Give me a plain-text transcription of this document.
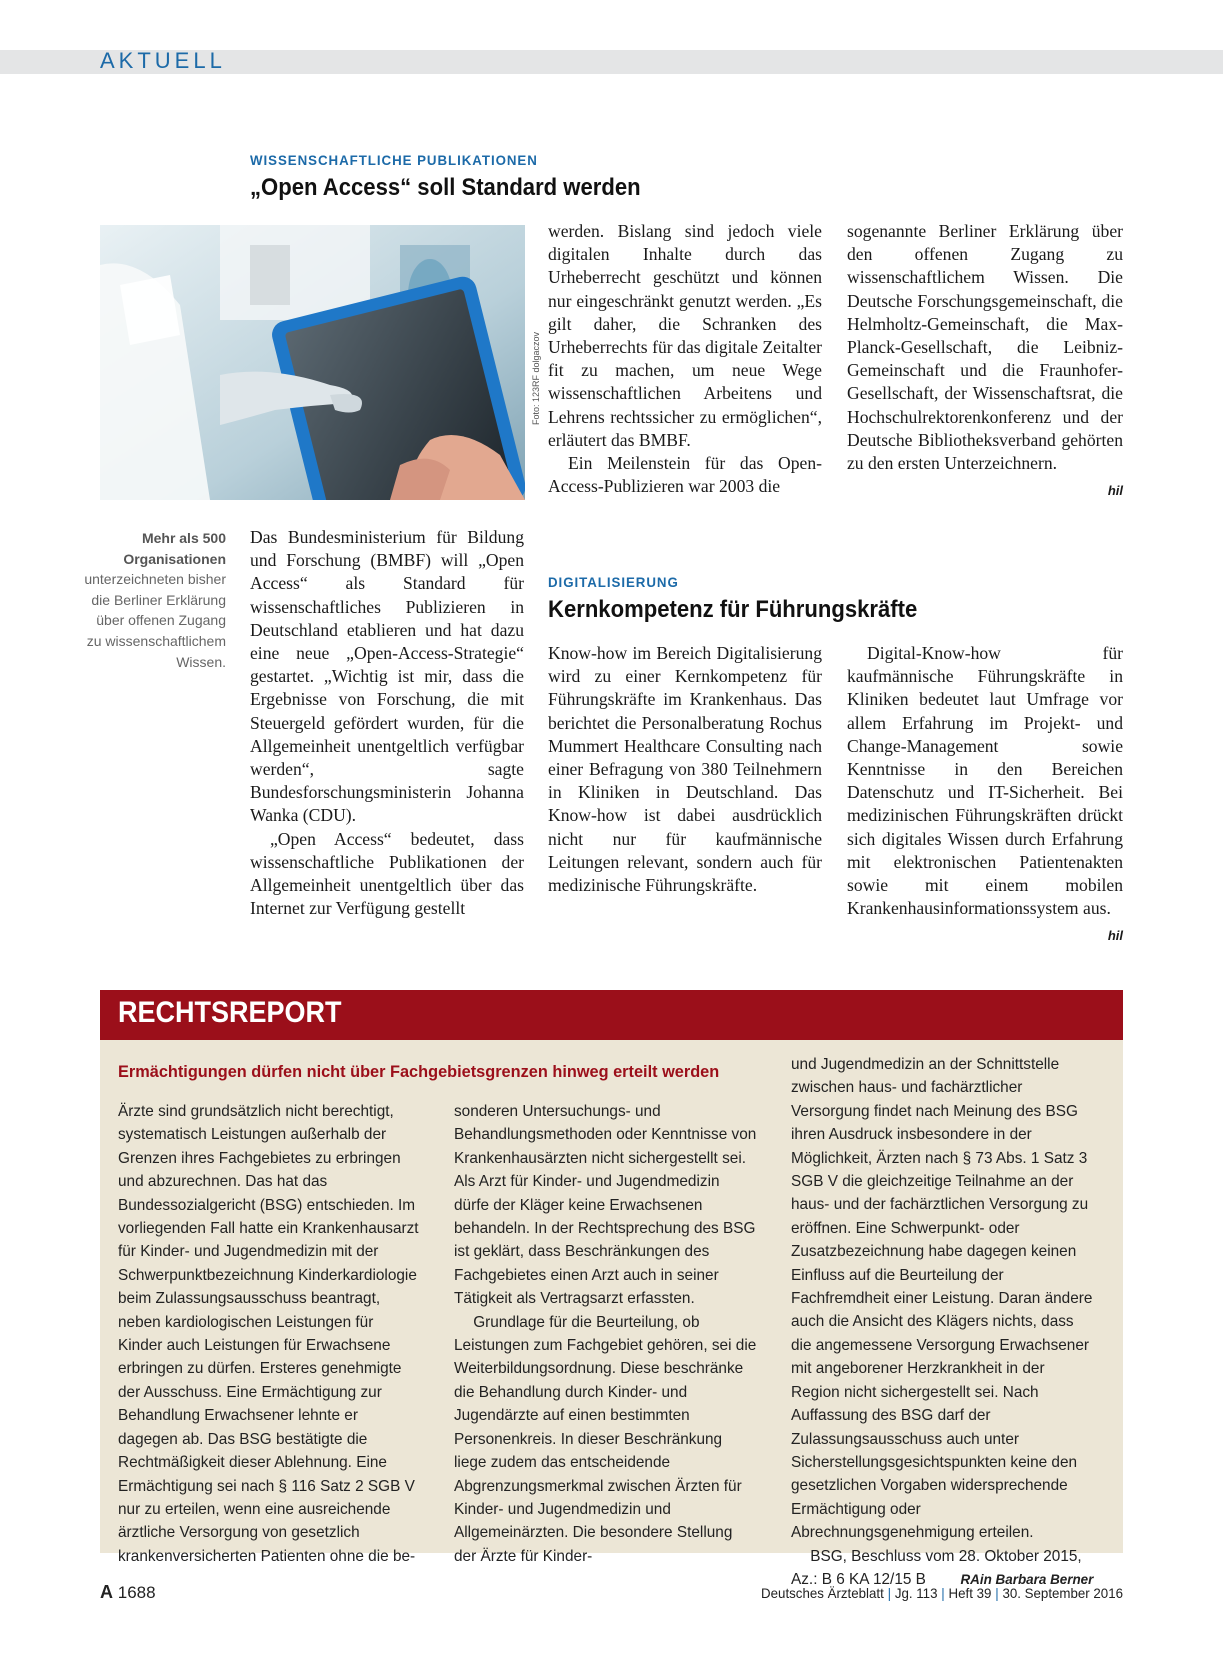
AKTUELL
WISSENSCHAFTLICHE PUBLIKATIONEN
„Open Access“ soll Standard werden
Foto: 123RF dolgaczov
Mehr als 500 Organisationen
unterzeichneten bisher die Berliner Erklärung über offenen Zugang zu wissenschaftlichem Wissen.

Das Bundesministerium für Bildung und Forschung (BMBF) will „Open Access“ als Standard für wissenschaftliches Publizieren in Deutschland etablieren und hat dazu eine neue „Open-Access-Strategie“ gestartet. „Wichtig ist mir, dass die Ergebnisse von Forschung, die mit Steuergeld gefördert wurden, für die Allgemeinheit unentgeltlich verfügbar werden“, sagte Bundesforschungsministerin Johanna Wanka (CDU).

„Open Access“ bedeutet, dass wissenschaftliche Publikationen der Allgemeinheit unentgeltlich über das Internet zur Verfügung gestellt

werden. Bislang sind jedoch viele digitalen Inhalte durch das Urheberrecht geschützt und können nur eingeschränkt genutzt werden. „Es gilt daher, die Schranken des Urheberrechts für das digitale Zeitalter fit zu machen, um neue Wege wissenschaftlichen Arbeitens und Lehrens rechtssicher zu ermöglichen“, erläutert das BMBF.

Ein Meilenstein für das Open-Access-Publizieren war 2003 die

sogenannte Berliner Erklärung über den offenen Zugang zu wissenschaftlichem Wissen. Die Deutsche Forschungsgemeinschaft, die Helmholtz-Gemeinschaft, die Max-Planck-Gesellschaft, die Leibniz-Gemeinschaft und die Fraunhofer-Gesellschaft, der Wissenschaftsrat, die Hochschulrektorenkonferenz und der Deutsche Bibliotheksverband gehörten zu den ersten Unterzeichnern.

hil
DIGITALISIERUNG
Kernkompetenz für Führungskräfte

Know-how im Bereich Digitalisierung wird zu einer Kernkompetenz für Führungskräfte im Krankenhaus. Das berichtet die Personalberatung Rochus Mummert Healthcare Consulting nach einer Befragung von 380 Teilnehmern in Kliniken in Deutschland. Das Know-how ist dabei ausdrücklich nicht nur für kaufmännische Leitungen relevant, sondern auch für medizinische Führungskräfte.

Digital-Know-how für kaufmännische Führungskräfte in Kliniken bedeutet laut Umfrage vor allem Erfahrung im Projekt- und Change-Management sowie Kenntnisse in den Bereichen Datenschutz und IT-Sicherheit. Bei medizinischen Führungskräften drückt sich digitales Wissen durch Erfahrung mit elektronischen Patientenakten sowie mit einem mobilen Krankenhausinformationssystem aus.

hil
RECHTSREPORT
Ermächtigungen dürfen nicht über Fachgebietsgrenzen hinweg erteilt werden

Ärzte sind grundsätzlich nicht berechtigt, systematisch Leistungen außerhalb der Grenzen ihres Fachgebietes zu erbringen und abzurechnen. Das hat das Bundessozialgericht (BSG) entschieden. Im vorliegenden Fall hatte ein Krankenhausarzt für Kinder- und Jugendmedizin mit der Schwerpunktbezeichnung Kinderkardiologie beim Zulassungsausschuss beantragt, neben kardiologischen Leistungen für Kinder auch Leistungen für Erwachsene erbringen zu dürfen. Ersteres genehmigte der Ausschuss. Eine Ermächtigung zur Behandlung Erwachsener lehnte er dagegen ab. Das BSG bestätigte die Rechtmäßigkeit dieser Ablehnung. Eine Ermächtigung sei nach § 116 Satz 2 SGB V nur zu erteilen, wenn eine ausreichende ärztliche Versorgung von gesetzlich krankenversicherten Patienten ohne die be-

sonderen Untersuchungs- und Behandlungsmethoden oder Kenntnisse von Krankenhausärzten nicht sichergestellt sei. Als Arzt für Kinder- und Jugendmedizin dürfe der Kläger keine Erwachsenen behandeln. In der Rechtsprechung des BSG ist geklärt, dass Beschränkungen des Fachgebietes einen Arzt auch in seiner Tätigkeit als Vertragsarzt erfassten.

Grundlage für die Beurteilung, ob Leistungen zum Fachgebiet gehören, sei die Weiterbildungsordnung. Diese beschränke die Behandlung durch Kinder- und Jugendärzte auf einen bestimmten Personenkreis. In dieser Beschränkung liege zudem das entscheidende Abgrenzungsmerkmal zwischen Ärzten für Kinder- und Jugendmedizin und Allgemeinärzten. Die besondere Stellung der Ärzte für Kinder-

und Jugendmedizin an der Schnittstelle zwischen haus- und fachärztlicher Versorgung findet nach Meinung des BSG ihren Ausdruck insbesondere in der Möglichkeit, Ärzten nach § 73 Abs. 1 Satz 3 SGB V die gleichzeitige Teilnahme an der haus- und der fachärztlichen Versorgung zu eröffnen. Eine Schwerpunkt- oder Zusatzbezeichnung habe dagegen keinen Einfluss auf die Beurteilung der Fachfremdheit einer Leistung. Daran ändere auch die Ansicht des Klägers nichts, dass die angemessene Versorgung Erwachsener mit angeborener Herzkrankheit in der Region nicht sichergestellt sei. Nach Auffassung des BSG darf der Zulassungsausschuss auch unter Sicherstellungsgesichtspunkten keine den gesetzlichen Vorgaben widersprechende Ermächtigung oder Abrechnungsgenehmigung erteilen.

BSG, Beschluss vom 28. Oktober 2015, Az.: B 6 KA 12/15 B	RAin Barbara Berner

A 1688	Deutsches Ärzteblatt | Jg. 113 | Heft 39 | 30. September 2016
